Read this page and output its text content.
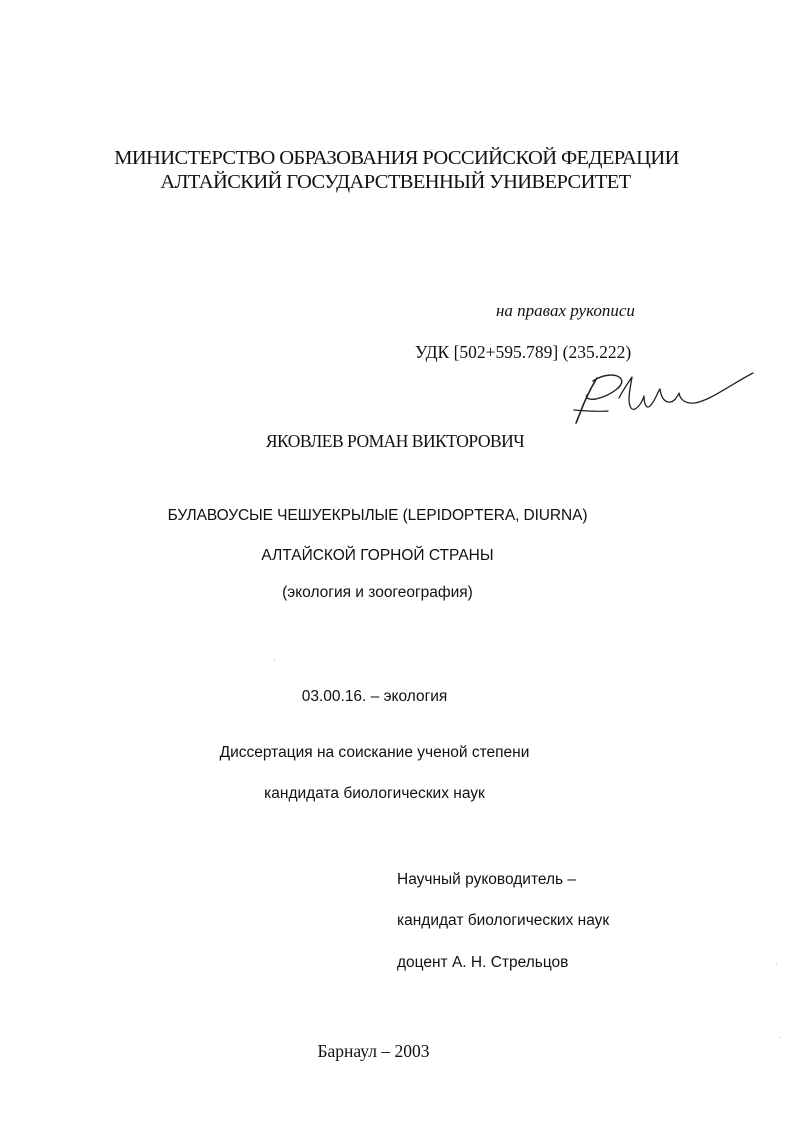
МИНИСТЕРСТВО ОБРАЗОВАНИЯ РОССИЙСКОЙ ФЕДЕРАЦИИ
АЛТАЙСКИЙ ГОСУДАРСТВЕННЫЙ УНИВЕРСИТЕТ
на правах рукописи
УДК [502+595.789] (235.222)
ЯКОВЛЕВ РОМАН ВИКТОРОВИЧ
БУЛАВОУСЫЕ ЧЕШУЕКРЫЛЫЕ (LEPIDOPTERA, DIURNA)
АЛТАЙСКОЙ ГОРНОЙ СТРАНЫ
(экология и зоогеография)
03.00.16. – экология
Диссертация на соискание ученой степени
кандидата биологических наук
Научный руководитель –
кандидат биологических наук
доцент А. Н. Стрельцов
Барнаул – 2003
